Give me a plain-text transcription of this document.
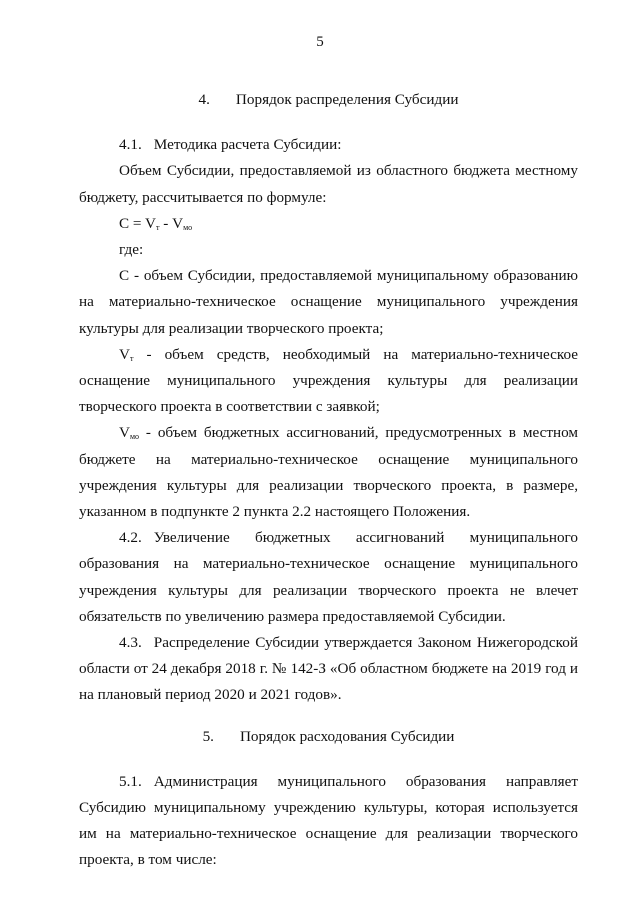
5

4. Порядок распределения Субсидии

4.1. Методика расчета Субсидии:

Объем Субсидии, предоставляемой из областного бюджета местному бюджету, рассчитывается по формуле:

$C = V_т - V_{мо}$

где:

C - объем Субсидии, предоставляемой муниципальному образованию на материально-техническое оснащение муниципального учреждения культуры для реализации творческого проекта;

$V_т$ - объем средств, необходимый на материально-техническое оснащение муниципального учреждения культуры для реализации творческого проекта в соответствии с заявкой;

$V_{мо}$ - объем бюджетных ассигнований, предусмотренных в местном бюджете на материально-техническое оснащение муниципального учреждения культуры для реализации творческого проекта, в размере, указанном в подпункте 2 пункта 2.2 настоящего Положения.

4.2. Увеличение бюджетных ассигнований муниципального образования на материально-техническое оснащение муниципального учреждения культуры для реализации творческого проекта не влечет обязательств по увеличению размера предоставляемой Субсидии.

4.3. Распределение Субсидии утверждается Законом Нижегородской области от 24 декабря 2018 г. № 142-З «Об областном бюджете на 2019 год и на плановый период 2020 и 2021 годов».

5. Порядок расходования Субсидии

5.1. Администрация муниципального образования направляет Субсидию муниципальному учреждению культуры, которая используется им на материально-техническое оснащение для реализации творческого проекта, в том числе:
